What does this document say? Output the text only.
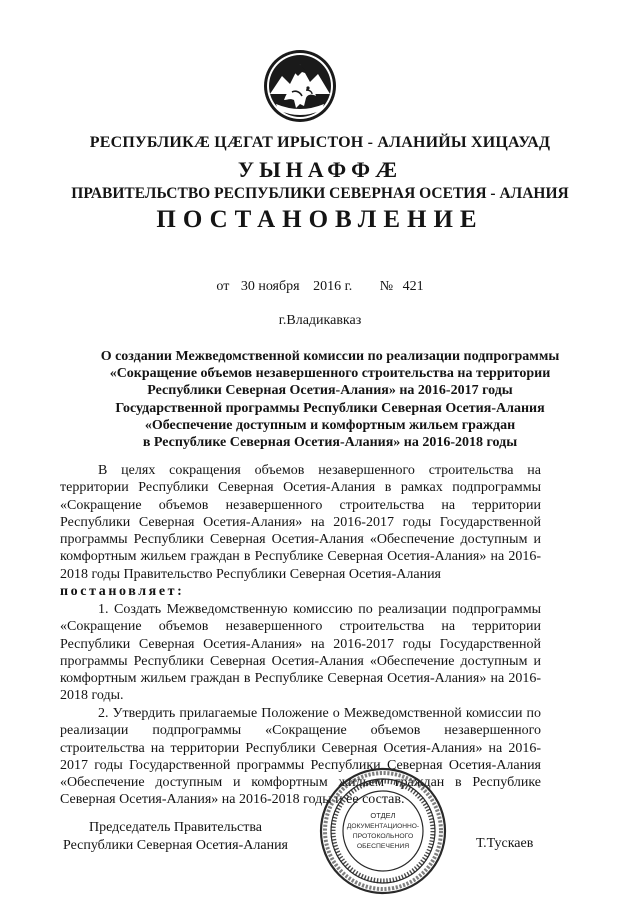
РЕСПУБЛИКÆ ЦÆГАТ ИРЫСТОН - АЛАНИЙЫ ХИЦАУАД
УЫНАФФÆ
ПРАВИТЕЛЬСТВО РЕСПУБЛИКИ СЕВЕРНАЯ ОСЕТИЯ - АЛАНИЯ
ПОСТАНОВЛЕНИЕ
от 30 ноября 2016 г. № 421
г.Владикавказ
О создании Межведомственной комиссии по реализации подпрограммы
«Сокращение объемов незавершенного строительства на территории
Республики Северная Осетия-Алания» на 2016-2017 годы
Государственной программы Республики Северная Осетия-Алания
«Обеспечение доступным и комфортным жильем граждан
в Республике Северная Осетия-Алания» на 2016-2018 годы
В целях сокращения объемов незавершенного строительства на территории Республики Северная Осетия-Алания в рамках подпрограммы «Сокращение объемов незавершенного строительства на территории Республики Северная Осетия-Алания» на 2016-2017 годы Государственной программы Республики Северная Осетия-Алания «Обеспечение доступным и комфортным жильем граждан в Республике Северная Осетия-Алания» на 2016-2018 годы Правительство Республики Северная Осетия-Алания
постановляет:
1. Создать Межведомственную комиссию по реализации подпрограммы «Сокращение объемов незавершенного строительства на территории Республики Северная Осетия-Алания» на 2016-2017 годы Государственной программы Республики Северная Осетия-Алания «Обеспечение доступным и комфортным жильем граждан в Республике Северная Осетия-Алания» на 2016-2018 годы.
2. Утвердить прилагаемые Положение о Межведомственной комиссии по реализации подпрограммы «Сокращение объемов незавершенного строительства на территории Республики Северная Осетия-Алания» на 2016-2017 годы Государственной программы Республики Северная Осетия-Алания «Обеспечение доступным и комфортным жильем граждан в Республике Северная Осетия-Алания» на 2016-2018 годы и ее состав.
Председатель Правительства
Республики Северная Осетия-Алания	Т.Тускаев
ОТДЕЛ
ДОКУМЕНТАЦИОННО-
ПРОТОКОЛЬНОГО
ОБЕСПЕЧЕНИЯ
